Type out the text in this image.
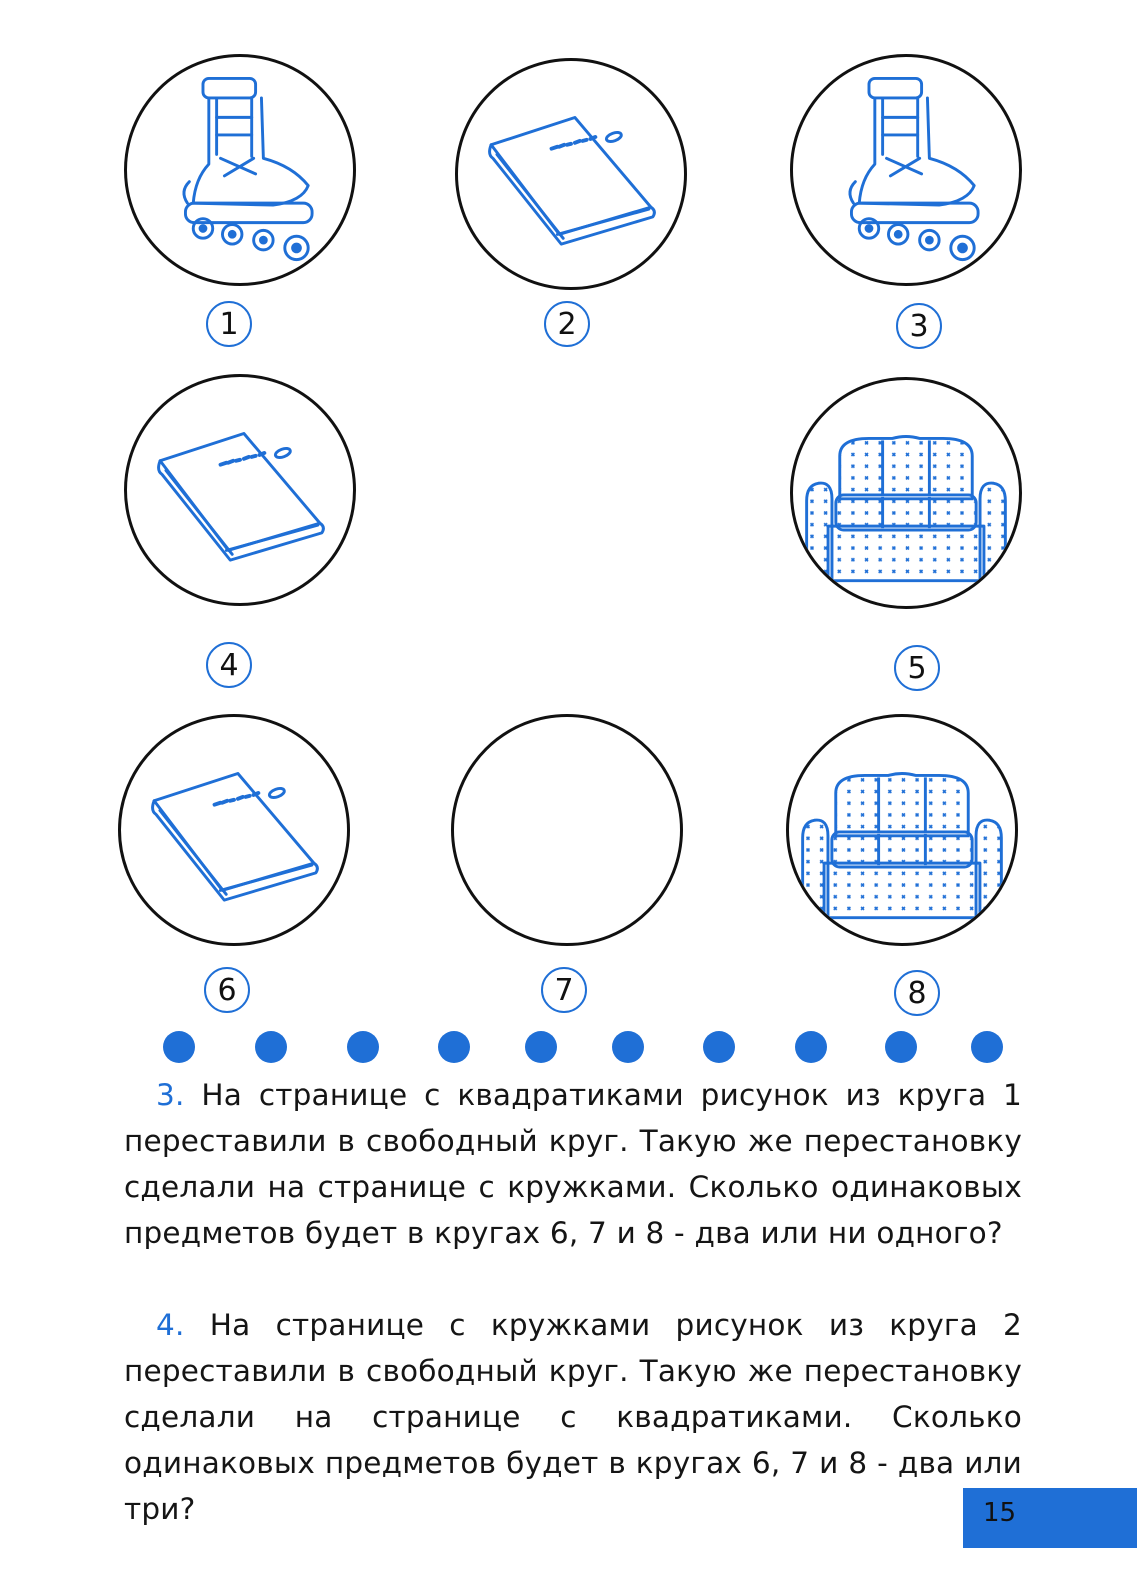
1	2	3
4	5
6	7	8

3. На странице с квадратиками рисунок из круга 1 переставили в свободный круг. Такую же перестановку сделали на странице с кружками. Сколько одинаковых предметов будет в кругах 6, 7 и 8 - два или ни одного?

4. На странице с кружками рисунок из круга 2 переставили в свободный круг. Такую же перестановку сделали на странице с квадратиками. Сколько одинаковых предметов будет в кругах 6, 7 и 8 - два или три?	15
